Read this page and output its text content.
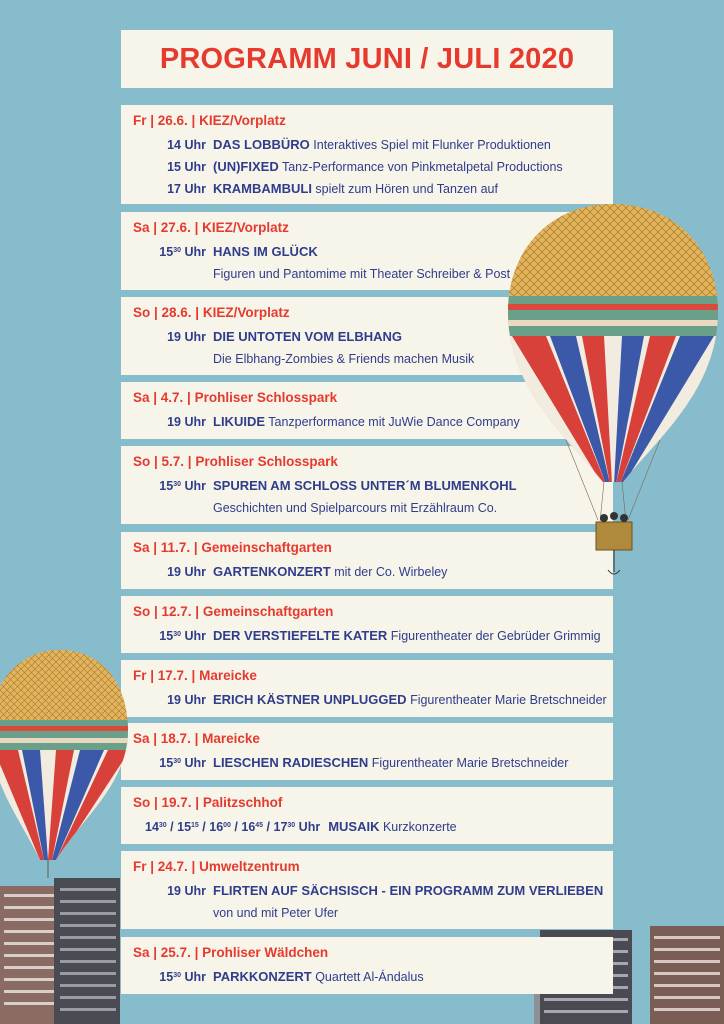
PROGRAMM JUNI / JULI 2020
Fr | 26.6. | KIEZ/Vorplatz
14 Uhr DAS LOBBÜRO Interaktives Spiel mit Flunker Produktionen
15 Uhr (UN)FIXED Tanz-Performance von Pinkmetalpetal Productions
17 Uhr KRAMBAMBULI spielt zum Hören und Tanzen auf
Sa | 27.6. | KIEZ/Vorplatz
$15^{30}$ Uhr HANS IM GLÜCK
Figuren und Pantomime mit Theater Schreiber & Post
So | 28.6. | KIEZ/Vorplatz
19 Uhr DIE UNTOTEN VOM ELBHANG
Die Elbhang-Zombies & Friends machen Musik
Sa | 4.7. | Prohliser Schlosspark
19 Uhr LIKUIDE Tanzperformance mit JuWie Dance Company
So | 5.7. | Prohliser Schlosspark
$15^{30}$ Uhr SPUREN AM SCHLOSS UNTER´M BLUMENKOHL
Geschichten und Spielparcours mit Erzählraum Co.
Sa | 11.7. | Gemeinschaftgarten
19 Uhr GARTENKONZERT mit der Co. Wirbeley
So | 12.7. | Gemeinschaftgarten
$15^{30}$ Uhr DER VERSTIEFELTE KATER Figurentheater der Gebrüder Grimmig
Fr | 17.7. | Mareicke
19 Uhr ERICH KÄSTNER UNPLUGGED Figurentheater Marie Bretschneider
Sa | 18.7. | Mareicke
$15^{30}$ Uhr LIESCHEN RADIESCHEN Figurentheater Marie Bretschneider
So | 19.7. | Palitzschhof
$14^{30} / 15^{15} / 16^{00} / 16^{45} / 17^{30}$ Uhr MUSAIK Kurzkonzerte
Fr | 24.7. | Umweltzentrum
19 Uhr FLIRTEN AUF SÄCHSISCH - EIN PROGRAMM ZUM VERLIEBEN
von und mit Peter Ufer
Sa | 25.7. | Prohliser Wäldchen
$15^{30}$ Uhr PARKKONZERT Quartett Al-Ándalus
